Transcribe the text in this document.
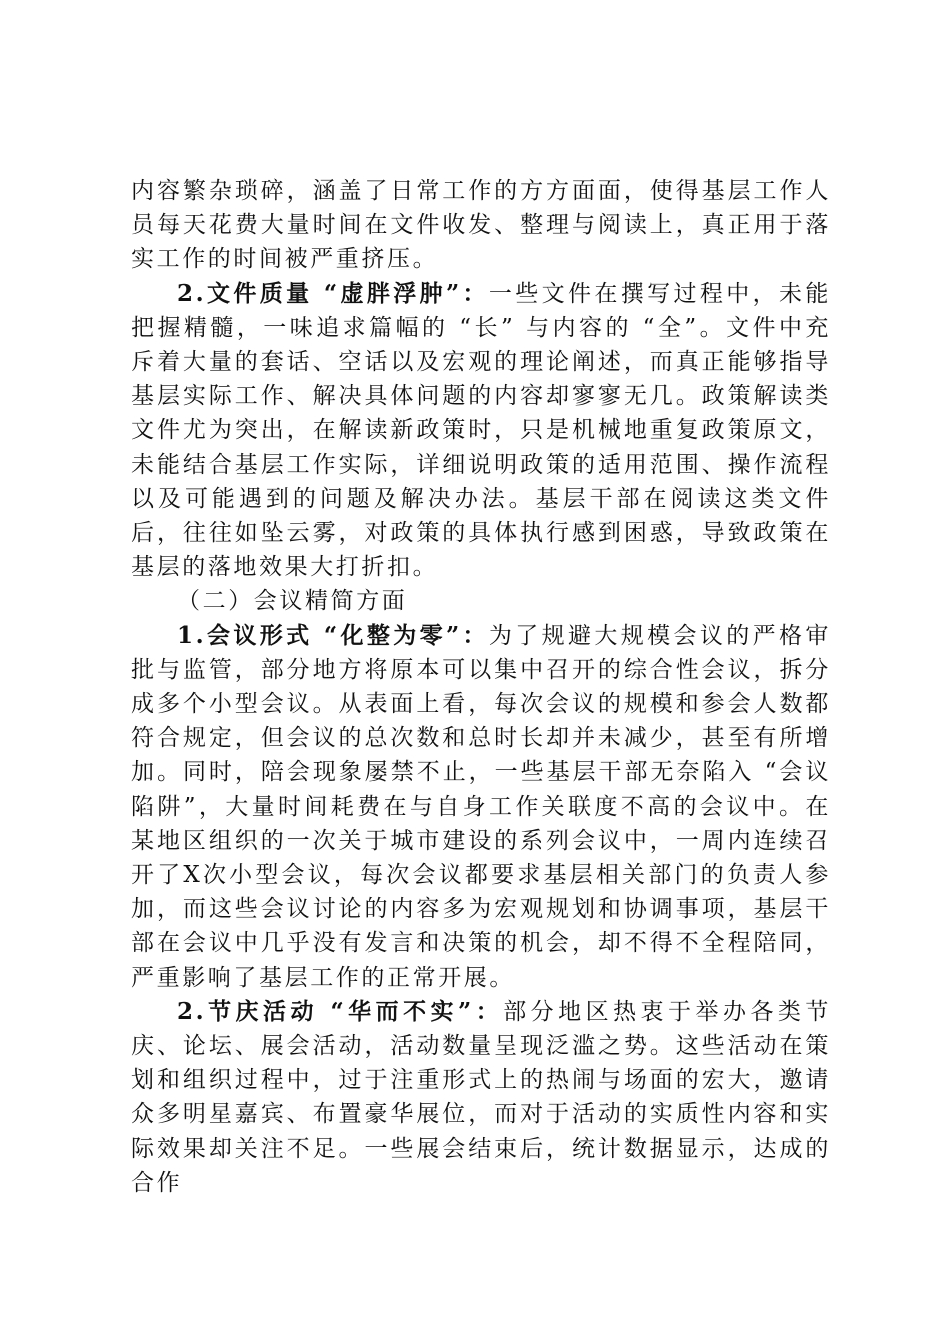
内容繁杂琐碎，涵盖了日常工作的方方面面，使得基层工作人员每天花费大量时间在文件收发、整理与阅读上，真正用于落实工作的时间被严重挤压。

2.文件质量 “虚胖浮肿”：一些文件在撰写过程中，未能把握精髓，一味追求篇幅的 “长” 与内容的 “全”。文件中充斥着大量的套话、空话以及宏观的理论阐述，而真正能够指导基层实际工作、解决具体问题的内容却寥寥无几。政策解读类文件尤为突出，在解读新政策时，只是机械地重复政策原文，未能结合基层工作实际，详细说明政策的适用范围、操作流程以及可能遇到的问题及解决办法。基层干部在阅读这类文件后，往往如坠云雾，对政策的具体执行感到困惑，导致政策在基层的落地效果大打折扣。

（二）会议精简方面

1.会议形式 “化整为零”：为了规避大规模会议的严格审批与监管，部分地方将原本可以集中召开的综合性会议，拆分成多个小型会议。从表面上看，每次会议的规模和参会人数都符合规定，但会议的总次数和总时长却并未减少，甚至有所增加。同时，陪会现象屡禁不止，一些基层干部无奈陷入 “会议陷阱”，大量时间耗费在与自身工作关联度不高的会议中。在某地区组织的一次关于城市建设的系列会议中，一周内连续召开了X次小型会议，每次会议都要求基层相关部门的负责人参加，而这些会议讨论的内容多为宏观规划和协调事项，基层干部在会议中几乎没有发言和决策的机会，却不得不全程陪同，严重影响了基层工作的正常开展。

2.节庆活动 “华而不实”：部分地区热衷于举办各类节庆、论坛、展会活动，活动数量呈现泛滥之势。这些活动在策划和组织过程中，过于注重形式上的热闹与场面的宏大，邀请众多明星嘉宾、布置豪华展位，而对于活动的实质性内容和实际效果却关注不足。一些展会结束后，统计数据显示，达成的合作
